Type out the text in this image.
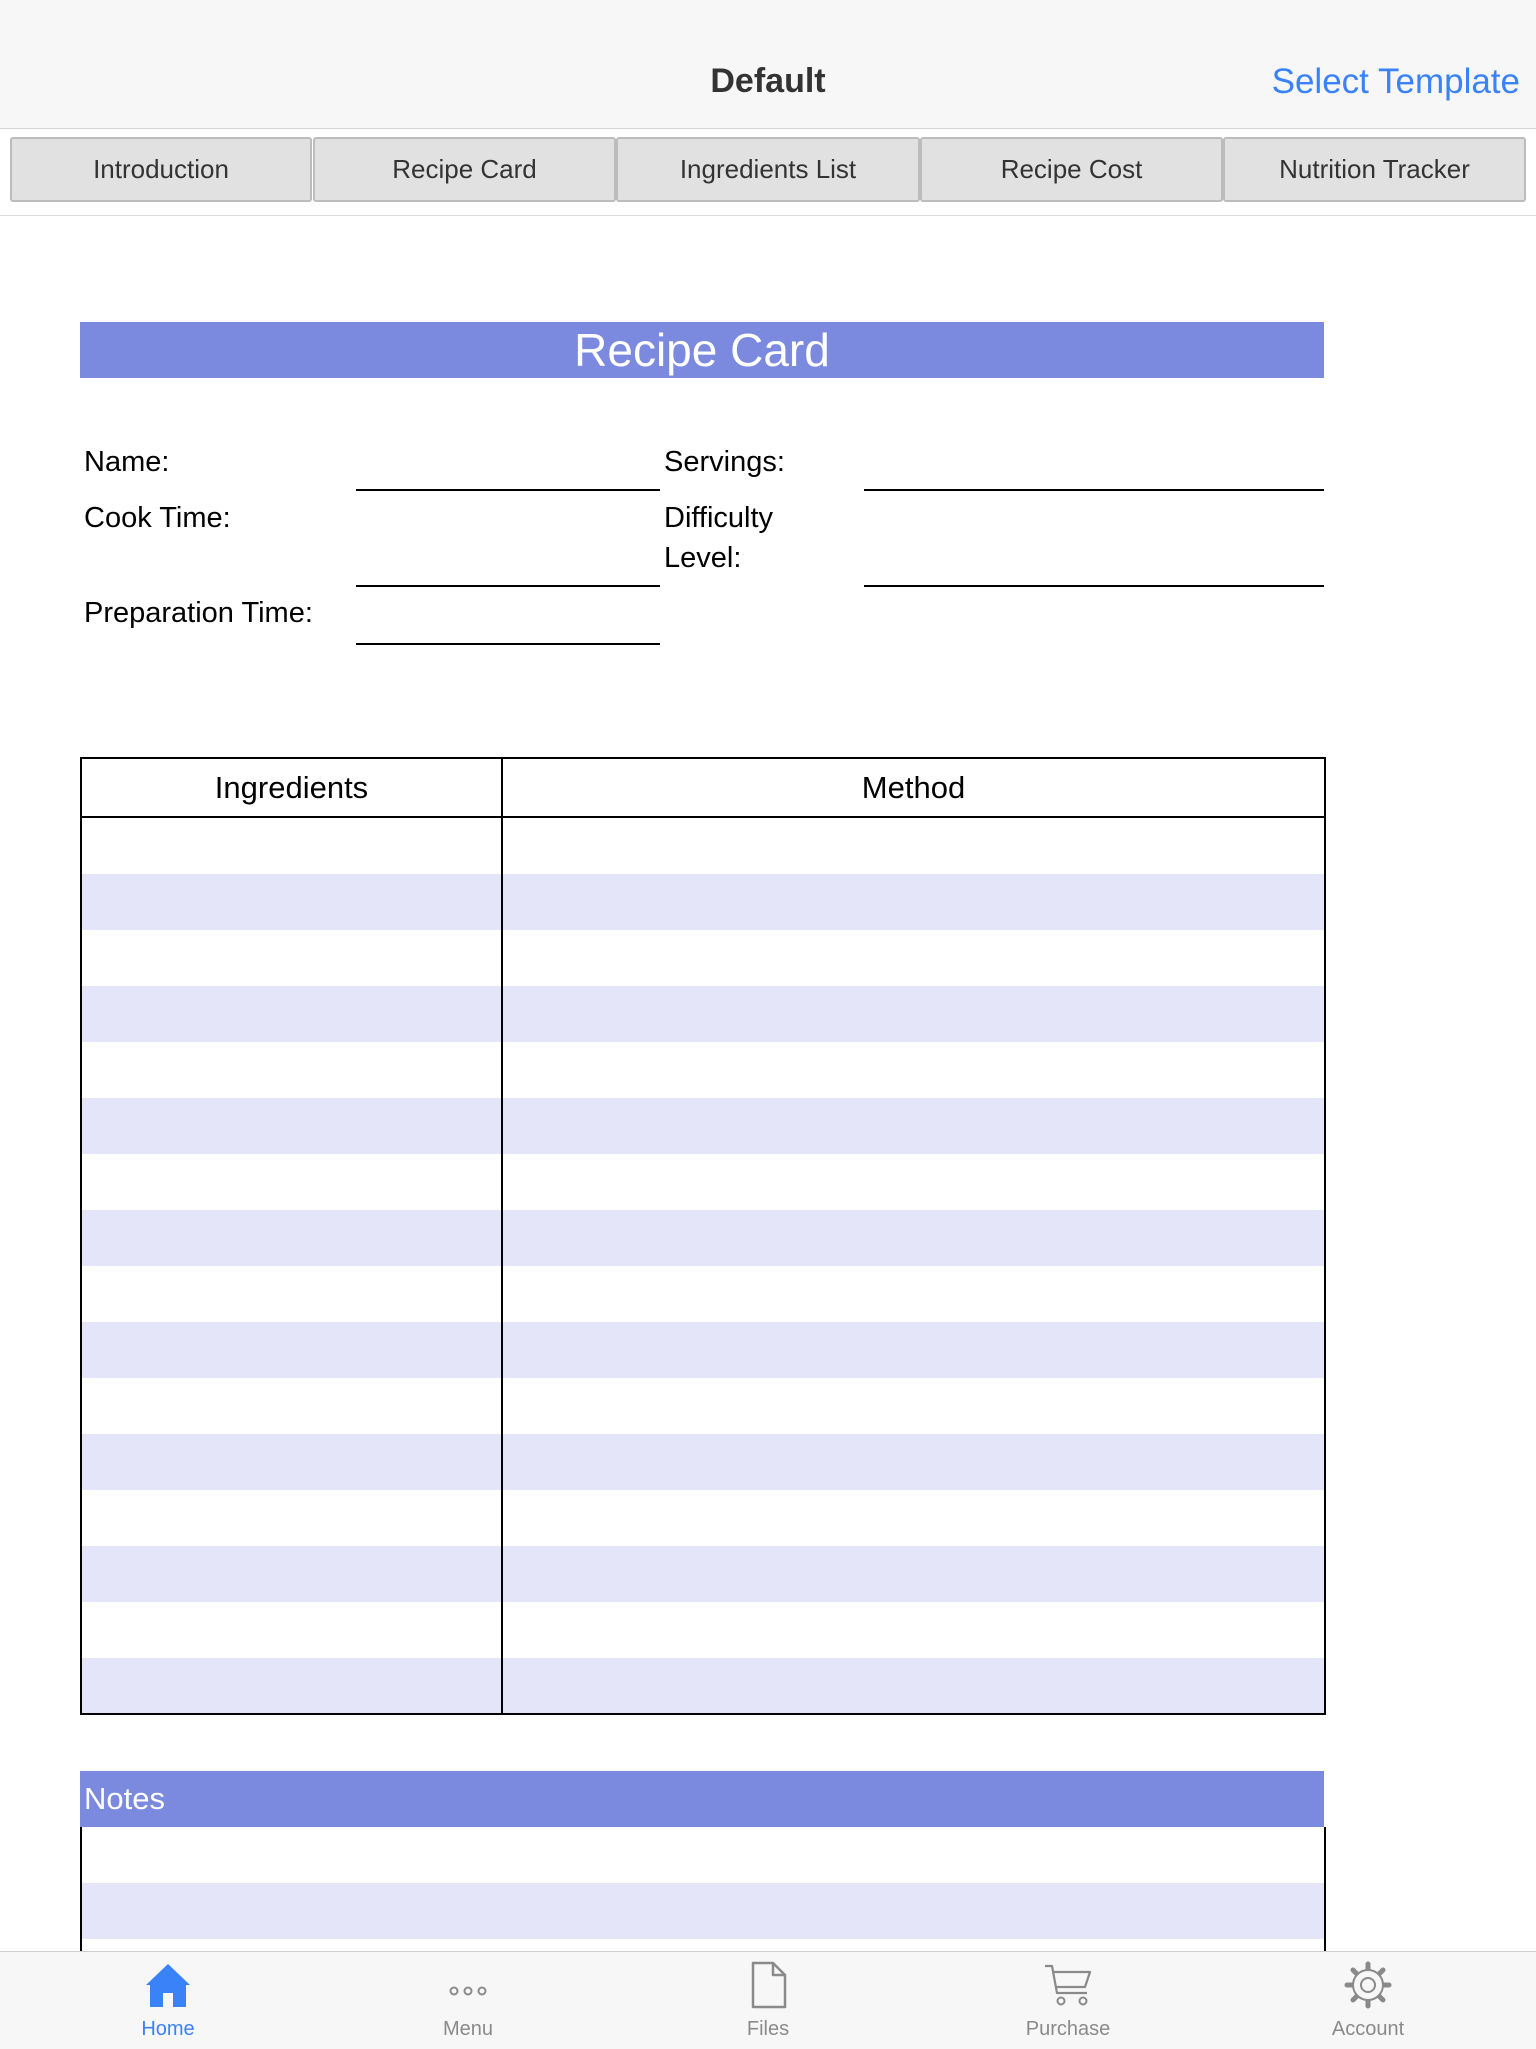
Default	Select Template
Introduction	Recipe Card	Ingredients List	Recipe Cost	Nutrition Tracker
Recipe Card
Name:	Servings:
Cook Time:	Difficulty
Level:
Preparation Time:
Ingredients	Method
Notes
Home	Menu	Files	Purchase	Account
